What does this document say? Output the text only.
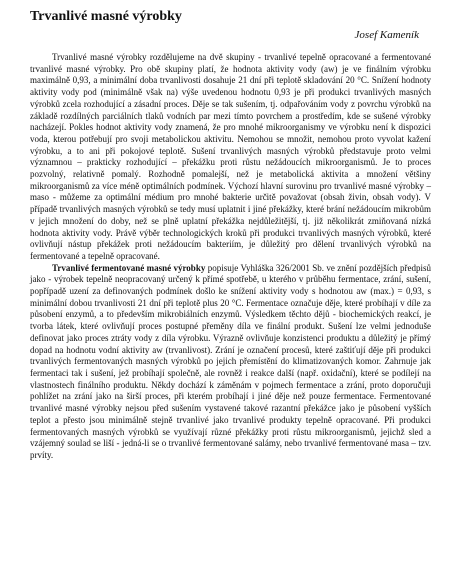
Trvanlivé masné výrobky
Josef Kameník

Trvanlivé masné výrobky rozdělujeme na dvě skupiny - trvanlivé tepelně opracované a fermentované trvanlivé masné výrobky. Pro obě skupiny platí, že hodnota aktivity vody (aw) je ve finálním výrobku maximálně 0,93, a minimální doba trvanlivosti dosahuje 21 dní při teplotě skladování 20 °C. Snížení hodnoty aktivity vody pod (minimálně však na) výše uvedenou hodnotu 0,93 je při produkci trvanlivých masných výrobků zcela rozhodující a zásadní proces. Děje se tak sušením, tj. odpařováním vody z povrchu výrobků na základě rozdílných parciálních tlaků vodních par mezi tímto povrchem a prostředím, kde se sušené výrobky nacházejí. Pokles hodnot aktivity vody znamená, že pro mnohé mikroorganismy ve výrobku není k dispozici voda, kterou potřebují pro svoji metabolickou aktivitu. Nemohou se množit, nemohou proto vyvolat kažení výrobku, a to ani při pokojové teplotě. Sušení trvanlivých masných výrobků představuje proto velmi významnou – prakticky rozhodující – překážku proti růstu nežádoucích mikroorganismů. Je to proces pozvolný, relativně pomalý. Rozhodně pomalejší, než je metabolická aktivita a množení většiny mikroorganismů za více méně optimálních podmínek. Výchozí hlavní surovinu pro trvanlivé masné výrobky – maso - můžeme za optimální médium pro mnohé bakterie určitě považovat (obsah živin, obsah vody). V případě trvanlivých masných výrobků se tedy musí uplatnit i jiné překážky, které brání nežádoucím mikrobům v jejich množení do doby, než se plně uplatní překážka nejdůležitější, tj. již několikrát zmiňovaná nízká hodnota aktivity vody. Právě výběr technologických kroků při produkci trvanlivých masných výrobků, které ovlivňují nástup překážek proti nežádoucím bakteriím, je důležitý pro dělení trvanlivých výrobků na fermentované a tepelně opracované.

Trvanlivé fermentované masné výrobky popisuje Vyhláška 326/2001 Sb. ve znění pozdějších předpisů jako - výrobek tepelně neopracovaný určený k přímé spotřebě, u kterého v průběhu fermentace, zrání, sušení, popřípadě uzení za definovaných podmínek došlo ke snížení aktivity vody s hodnotou aw (max.) = 0,93, s minimální dobou trvanlivosti 21 dní při teplotě plus 20 °C. Fermentace označuje děje, které probíhají v díle za působení enzymů, a to především mikrobiálních enzymů. Výsledkem těchto dějů - biochemických reakcí, je tvorba látek, které ovlivňují proces postupné přeměny díla ve finální produkt. Sušení lze velmi jednoduše definovat jako proces ztráty vody z díla výrobku. Výrazně ovlivňuje konzistenci produktu a důležitý je přímý dopad na hodnotu vodní aktivity aw (trvanlivost). Zrání je označení procesů, které zaštiťují děje při produkci trvanlivých fermentovaných masných výrobků po jejich přemístění do klimatizovaných komor. Zahrnuje jak fermentaci tak i sušení, jež probíhají společně, ale rovněž i reakce další (např. oxidační), které se podílejí na vlastnostech finálního produktu. Někdy dochází k záměnám v pojmech fermentace a zrání, proto doporučuji pohlížet na zrání jako na širší proces, při kterém probíhají i jiné děje než pouze fermentace. Fermentované trvanlivé masné výrobky nejsou před sušením vystavené takové razantní překážce jako je působení vyšších teplot a přesto jsou minimálně stejně trvanlivé jako trvanlivé produkty tepelně opracované. Při produkci fermentovaných masných výrobků se využívají různé překážky proti růstu mikroorganismů, jejichž sled a vzájemný soulad se liší - jedná-li se o trvanlivé fermentované salámy, nebo trvanlivé fermentované masa – tzv. prvíty.
